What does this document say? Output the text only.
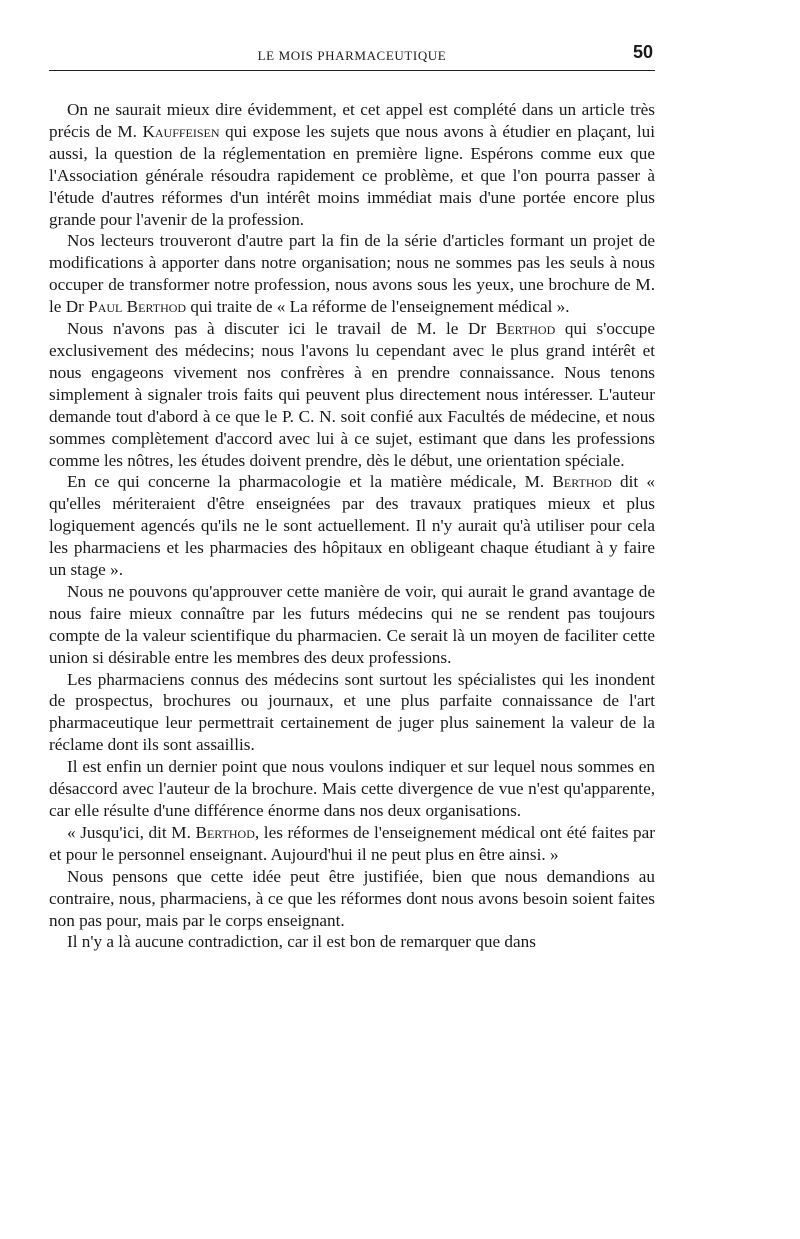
LE MOIS PHARMACEUTIQUE	50

On ne saurait mieux dire évidemment, et cet appel est complété dans un article très précis de M. Kauffeisen qui expose les sujets que nous avons à étudier en plaçant, lui aussi, la question de la réglementation en première ligne. Espérons comme eux que l'Association générale résoudra rapidement ce problème, et que l'on pourra passer à l'étude d'autres réformes d'un intérêt moins immédiat mais d'une portée encore plus grande pour l'avenir de la profession.

Nos lecteurs trouveront d'autre part la fin de la série d'articles formant un projet de modifications à apporter dans notre organisation; nous ne sommes pas les seuls à nous occuper de transformer notre profession, nous avons sous les yeux, une brochure de M. le Dr Paul Berthod qui traite de « La réforme de l'enseignement médical ».

Nous n'avons pas à discuter ici le travail de M. le Dr Berthod qui s'occupe exclusivement des médecins; nous l'avons lu cependant avec le plus grand intérêt et nous engageons vivement nos confrères à en prendre connaissance. Nous tenons simplement à signaler trois faits qui peuvent plus directement nous intéresser. L'auteur demande tout d'abord à ce que le P. C. N. soit confié aux Facultés de médecine, et nous sommes complètement d'accord avec lui à ce sujet, estimant que dans les professions comme les nôtres, les études doivent prendre, dès le début, une orientation spéciale.

En ce qui concerne la pharmacologie et la matière médicale, M. Berthod dit « qu'elles mériteraient d'être enseignées par des travaux pratiques mieux et plus logiquement agencés qu'ils ne le sont actuellement. Il n'y aurait qu'à utiliser pour cela les pharmaciens et les pharmacies des hôpitaux en obligeant chaque étudiant à y faire un stage ».

Nous ne pouvons qu'approuver cette manière de voir, qui aurait le grand avantage de nous faire mieux connaître par les futurs médecins qui ne se rendent pas toujours compte de la valeur scientifique du pharmacien. Ce serait là un moyen de faciliter cette union si désirable entre les membres des deux professions.

Les pharmaciens connus des médecins sont surtout les spécialistes qui les inondent de prospectus, brochures ou journaux, et une plus parfaite connaissance de l'art pharmaceutique leur permettrait certainement de juger plus sainement la valeur de la réclame dont ils sont assaillis.

Il est enfin un dernier point que nous voulons indiquer et sur lequel nous sommes en désaccord avec l'auteur de la brochure. Mais cette divergence de vue n'est qu'apparente, car elle résulte d'une différence énorme dans nos deux organisations.

« Jusqu'ici, dit M. Berthod, les réformes de l'enseignement médical ont été faites par et pour le personnel enseignant. Aujourd'hui il ne peut plus en être ainsi. »

Nous pensons que cette idée peut être justifiée, bien que nous demandions au contraire, nous, pharmaciens, à ce que les réformes dont nous avons besoin soient faites non pas pour, mais par le corps enseignant.

Il n'y a là aucune contradiction, car il est bon de remarquer que dans
